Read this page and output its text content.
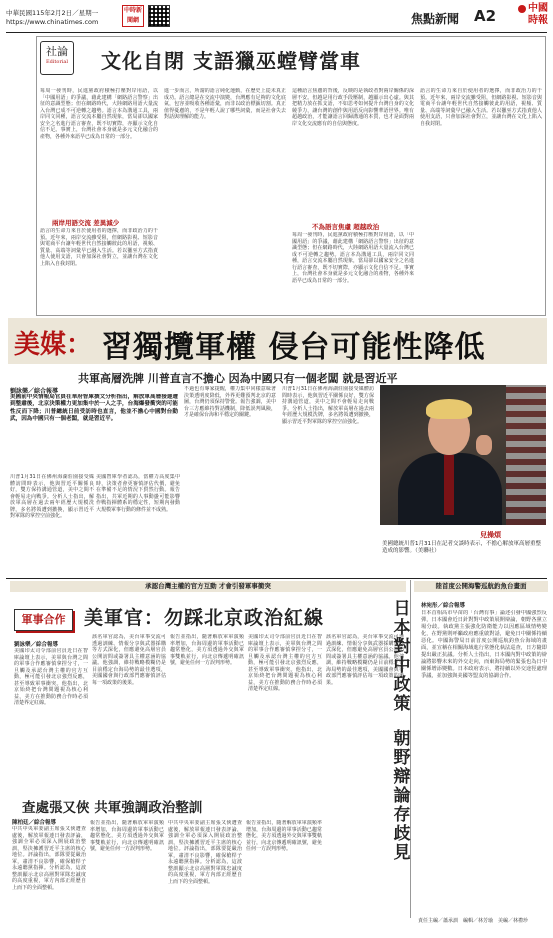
中華民國115年2月2日／星期一
https://www.chinatimes.com
中時新聞網	焦點新聞 A2	中國
時報
社論
Editorial 文化自閉 支語獵巫螳臂當車
每周一發刊時，民進黨政府積極打壓對岸用語，以「中國用語」的爭議，藉此建構「網路語言警察」出征的意識型態；但在網路時代，大陸網路用語大量流入台灣已成不可逆轉之趨勢。語言本為溝通工具，兩岸同文同種，語言交流本屬自然現象，當局卻以國家安全之名進行語言審查，既不切實際，亦顯示文化自信不足。事實上，台灣社會本身就是多元文化融合的產物，各種外來語早已成為日常的一部分。
兩岸用語交流 差異減少
語言的生命力來自於使用者的選擇，而非政治力的干預。近年來，兩岸交流雖受阻，但網路影視、短影音與電商平台讓年輕世代自然接觸彼此的用語，視頻、質量、高端等詞彙早已融入生活。若以獵巫方式指責他人使用支語，只會加深社會對立，並讓台灣在文化上陷入自我封閉。
進一步而言，所謂的語言純化運動，在歷史上從未真正成功。語言總是在交流中演變，台灣應有足夠的文化底氣，包容並吸收各種語彙，而非以政治標籤切割。真正值得憂慮的，不是年輕人說了哪些詞彙，而是社會失去對話與理解的能力。
這種語言焦慮的背後，反映的是執政者對兩岸關係的深層不安。但越是用行政手段壓制，越顯示出心虛。與其把精力放在抓支語，不如思考如何提升台灣自身的文化競爭力，讓台灣的創作與用語反向影響華語世界。唯有超越政治，才能讓語言回歸溝通的本質，也才是面對兩岸文化交流應有的自信與態度。
不為語言焦慮 超越政治
每周一發刊時，民進黨政府積極打壓對岸用語，以「中國用語」的爭議，藉此建構「網路語言警察」出征的意識型態；但在網路時代，大陸網路用語大量流入台灣已成不可逆轉之趨勢。語言本為溝通工具，兩岸同文同種，語言交流本屬自然現象，當局卻以國家安全之名進行語言審查，既不切實際，亦顯示文化自信不足。事實上，台灣社會本身就是多元文化融合的產物，各種外來語早已成為日常的一部分。
語言的生命力來自於使用者的選擇，而非政治力的干預。近年來，兩岸交流雖受阻，但網路影視、短影音與電商平台讓年輕世代自然接觸彼此的用語，視頻、質量、高端等詞彙早已融入生活。若以獵巫方式指責他人使用支語，只會加深社會對立，並讓台灣在文化上陷入自我封閉。
美媒： 習獨攬軍權 侵台可能性降低
共軍高層洗牌 川普直言不擔心 因為中國只有一個老闆 就是習近平
劉詠樂／綜合報導
美國前中央情報局官員在華府智庫撰文分析指出，解放軍高層接連遭到整肅後，北京決策權力更加集中於一人之手，台海爆發衝突的可能性反而下降；川普總統日前受訪時也直言，他並不擔心中國對台動武，因為中國只有一個老闆，就是習近平。
川普1月31日在佛州海湖莊園接受媒體訪問時表示，他與習近平關係良好，雙方保持溝通管道，美中之間不會輕易走向戰爭。分析人士指出，解放軍高層在過去兩年經歷大規模洗牌，多名將領遭到撤換，顯示習近平對軍隊的掌控空前強化。
美國智庫學者認為，當權力高度集中時，決策者會更審慎評估代價，避免在準備不足的情況下貿然行動。報告指出，共軍近期的人事動盪可能影響作戰指揮體系的穩定性，短期內發動大規模軍事行動的條件並不成熟。
不過也有專家提醒，權力集中同樣意味著決策透明度降低，外界更難預判北京的意圖，台灣仍須保持警覺。報告強調，美中台三方應維持對話機制，降低誤判風險，才是確保台海和平穩定的關鍵。
川普1月31日在佛州海湖莊園接受媒體訪問時表示，他與習近平關係良好，雙方保持溝通管道，美中之間不會輕易走向戰爭。分析人士指出，解放軍高層在過去兩年經歷大規模洗牌，多名將領遭到撤換，顯示習近平對軍隊的掌控空前強化。
兒操煩
美國總統川普1月31日在記者交談時表示，不擔心解放軍高層重整造成的影響。（美聯社）
承認台灣主權的官方互動 才會引發軍事衝突
軍事合作 美軍官：勿踩北京政治紅線
劉詠樂／綜合報導
美國印太司令部前官員近日在智庫論壇上表示，美軍與台灣之間的軍事合作應審慎拿捏分寸，一旦觸及承認台灣主權的官方互動，極可能引發北京強烈反應，甚至導致軍事衝突。他指出，北京始終把台灣問題視為核心利益，美方在推動防務合作時必須清楚界定紅線。
該名軍官認為，美台軍事交流可透過訓練、情報分享與武器採購等方式深化，但應避免高層官員公開訪問或簽署具主權意涵的協議。他強調，維持戰略模糊仍是目前穩定台海局勢的最佳選項，美國國會與行政部門應審慎評估每一項政策的後果。
報告並指出，隨著解放軍軍演頻率增加，台海周邊的軍事活動已趨常態化，美方須透過外交與軍事雙軌並行，向北京傳遞明確訊號，避免任何一方誤判形勢。
美國印太司令部前官員近日在智庫論壇上表示，美軍與台灣之間的軍事合作應審慎拿捏分寸，一旦觸及承認台灣主權的官方互動，極可能引發北京強烈反應，甚至導致軍事衝突。他指出，北京始終把台灣問題視為核心利益，美方在推動防務合作時必須清楚界定紅線。
該名軍官認為，美台軍事交流可透過訓練、情報分享與武器採購等方式深化，但應避免高層官員公開訪問或簽署具主權意涵的協議。他強調，維持戰略模糊仍是目前穩定台海局勢的最佳選項，美國國會與行政部門應審慎評估每一項政策的後果。
查處張又俠 共軍強調政治整訓
陳柏廷／綜合報導
中共中央軍委副主席張又俠遭查處後，解放軍報連日發表評論，強調全軍必須深入開展政治整訓，堅決擁護習近平主席的核心地位。評論指出，部隊要從嚴治軍，肅清不良影響，確保槍桿子永遠聽黨指揮。分析認為，這波整訓顯示北京高層對軍隊忠誠度的高度重視，軍方內部正經歷自上而下的全面整頓。
報告並指出，隨著解放軍軍演頻率增加，台海周邊的軍事活動已趨常態化，美方須透過外交與軍事雙軌並行，向北京傳遞明確訊號，避免任何一方誤判形勢。
中共中央軍委副主席張又俠遭查處後，解放軍報連日發表評論，強調全軍必須深入開展政治整訓，堅決擁護習近平主席的核心地位。評論指出，部隊要從嚴治軍，肅清不良影響，確保槍桿子永遠聽黨指揮。分析認為，這波整訓顯示北京高層對軍隊忠誠度的高度重視，軍方內部正經歷自上而下的全面整頓。
報告並指出，隨著解放軍軍演頻率增加，台海周邊的軍事活動已趨常態化，美方須透過外交與軍事雙軌並行，向北京傳遞明確訊號，避免任何一方誤判形勢。
陸首度公開海警巡航釣魚台畫面
日本對中政策
朝野辯論存歧見
林宛彤／綜合報導
日本首相高市早苗的「台灣有事」論述引發中國強烈反彈，日本國會近日針對對中政策展開辯論，朝野各黨立場分歧。執政黨主張強化防衛能力以因應區域情勢變化，在野黨則呼籲政府應重啟對話，避免日中關係持續惡化。中國海警局日前首度公開巡航釣魚台海域的畫面，並宣稱在相關海域進行常態化執法巡查，日方隨即提出嚴正抗議。分析人士指出，日本國內對中政策的辯論將影響未來的外交走向，而東海局勢的緊張也為日中關係增添變數。日本政府表示，將持續以外交途徑處理爭議，並加強與美國等盟友的協調合作。
責任主編／蕭承訓　編輯／林芳瑜　美編／林禮珍
